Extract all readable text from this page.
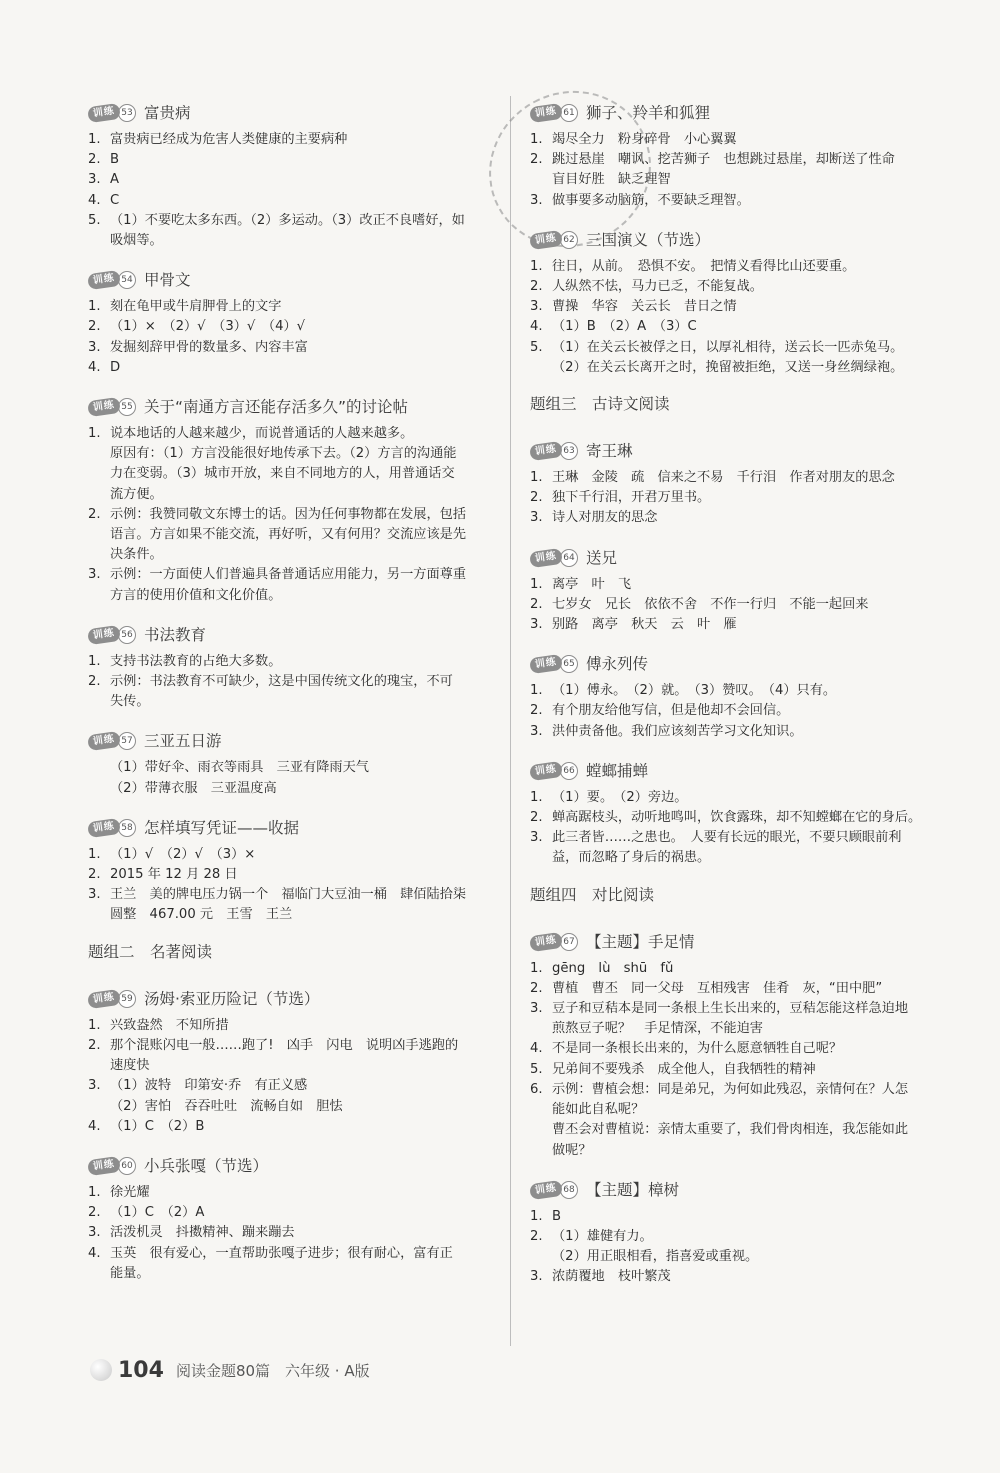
训练 53 富贵病
1. 富贵病已经成为危害人类健康的主要病种
2. B
3. A
4. C
5. （1）不要吃太多东西。（2）多运动。（3）改正不良嗜好，如
吸烟等。
训练 54 甲骨文
1. 刻在龟甲或牛肩胛骨上的文字
2. （1）×　（2）√　（3）√　（4）√
3. 发掘刻辞甲骨的数量多、内容丰富
4. D
训练 55 关于“南通方言还能存活多久”的讨论帖
1. 说本地话的人越来越少，而说普通话的人越来越多。
原因有：（1）方言没能很好地传承下去。（2）方言的沟通能
力在变弱。（3）城市开放，来自不同地方的人，用普通话交
流方便。
2. 示例：我赞同敬文东博士的话。因为任何事物都在发展，包括
语言。方言如果不能交流，再好听，又有何用？交流应该是先
决条件。
3. 示例：一方面使人们普遍具备普通话应用能力，另一方面尊重
方言的使用价值和文化价值。
训练 56 书法教育
1. 支持书法教育的占绝大多数。
2. 示例：书法教育不可缺少，这是中国传统文化的瑰宝，不可
失传。
训练 57 三亚五日游
（1）带好伞、雨衣等雨具　三亚有降雨天气
（2）带薄衣服　三亚温度高
训练 58 怎样填写凭证——收据
1. （1）√　（2）√　（3）×
2. 2015 年 12 月 28 日
3. 王兰　美的牌电压力锅一个　福临门大豆油一桶　肆佰陆拾柒
圆整　467.00 元　王雪　王兰
题组二　名著阅读
训练 59 汤姆·索亚历险记（节选）
1. 兴致盎然　不知所措
2. 那个混账闪电一般……跑了!　凶手　闪电　说明凶手逃跑的
速度快
3. （1）波特　印第安·乔　有正义感
（2）害怕　吞吞吐吐　流畅自如　胆怯
4. （1）C　（2）B
训练 60 小兵张嘎（节选）
1. 徐光耀
2. （1）C　（2）A
3. 活泼机灵　抖擞精神、蹦来蹦去
4. 玉英　很有爱心，一直帮助张嘎子进步；很有耐心，富有正
能量。
训练 61 狮子、羚羊和狐狸
1. 竭尽全力　粉身碎骨　小心翼翼
2. 跳过悬崖　嘲讽、挖苦狮子　也想跳过悬崖，却断送了性命
盲目好胜　缺乏理智
3. 做事要多动脑筋，不要缺乏理智。
训练 62 三国演义（节选）
1. 往日，从前。　恐惧不安。　把情义看得比山还要重。
2. 人纵然不怯，马力已乏，不能复战。
3. 曹操　华容　关云长　昔日之情
4. （1）B　（2）A　（3）C
5. （1）在关云长被俘之日，以厚礼相待，送云长一匹赤兔马。
（2）在关云长离开之时，挽留被拒绝，又送一身丝绸绿袍。
题组三　古诗文阅读
训练 63 寄王琳
1. 王琳　金陵　疏　信来之不易　千行泪　作者对朋友的思念
2. 独下千行泪，开君万里书。
3. 诗人对朋友的思念
训练 64 送兄
1. 离亭　叶　飞
2. 七岁女　兄长　依依不舍　不作一行归　不能一起回来
3. 别路　离亭　秋天　云　叶　雁
训练 65 傅永列传
1. （1）傅永。　（2）就。　（3）赞叹。　（4）只有。
2. 有个朋友给他写信，但是他却不会回信。
3. 洪仲责备他。我们应该刻苦学习文化知识。
训练 66 螳螂捕蝉
1. （1）要。　（2）旁边。
2. 蝉高踞枝头，动听地鸣叫，饮食露珠，却不知螳螂在它的身后。
3. 此三者皆……之患也。　人要有长远的眼光，不要只顾眼前利
益，而忽略了身后的祸患。
题组四　对比阅读
训练 67 【主题】手足情
1. gēng　lù　shū　fǔ
2. 曹植　曹丕　同一父母　互相残害　佳肴　灰，“田中肥”
3. 豆子和豆秸本是同一条根上生长出来的，豆秸怎能这样急迫地
煎熬豆子呢？　手足情深，不能迫害
4. 不是同一条根长出来的，为什么愿意牺牲自己呢？
5. 兄弟间不要残杀　成全他人，自我牺牲的精神
6. 示例：曹植会想：同是弟兄，为何如此残忍，亲情何在？人怎
能如此自私呢？
曹丕会对曹植说：亲情太重要了，我们骨肉相连，我怎能如此
做呢？
训练 68 【主题】樟树
1. B
2. （1）雄健有力。
（2）用正眼相看，指喜爱或重视。
3. 浓荫覆地　枝叶繁茂
104 阅读金题80篇　六年级 · A版
